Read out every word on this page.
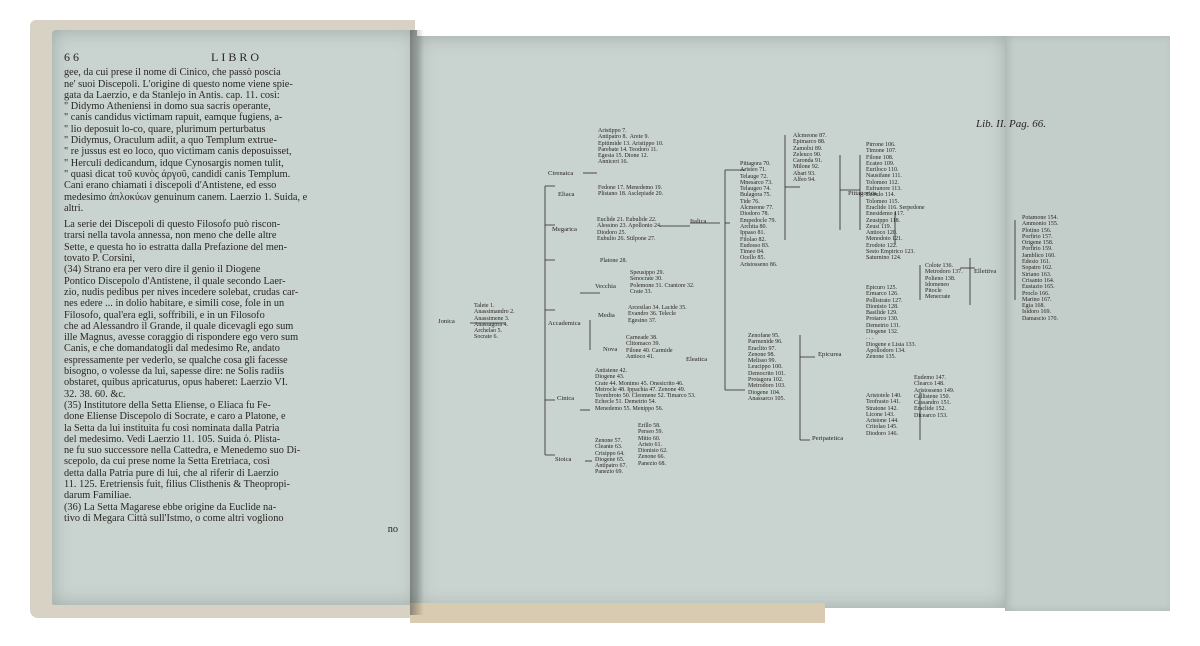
66	LIBRO
gee, da cui prese il nome di Cinico, che passò poscia
ne' suoi Discepoli. L'origine di questo nome viene spie-
gata da Laerzio, e da Stanlejo in Antis. cap. 11. così:
" Didymo Atheniensi in domo sua sacris operante,
" canis candidus victimam rapuit, eamque fugiens, a-
" lio deposuit lo-co, quare, plurimum perturbatus
" Didymus, Oraculum adiit, a quo Templum extrue-
" re jussus est eo loco, quo victimam canis deposuisset,
" Herculi dedicandum, idque Cynosargis nomen tulit,
" quasi dicat τοῦ κυνὸς ἀργοῦ, candidi canis Templum.
Cani erano chiamati i discepoli d'Antistene, ed esso
medesimo ἁπλοκύων genuinum canem. Laerzio 1. Suida, e
altri.
La serie dei Discepoli di questo Filosofo può riscon-
trarsi nella tavola annessa, non meno che delle altre
Sette, e questa ho io estratta dalla Prefazione del men-
tovato P. Corsini,
(34) Strano era per vero dire il genio il Diogene
Pontico Discepolo d'Antistene, il quale secondo Laer-
zio, nudis pedibus per nives incedere solebat, crudas car-
nes edere ... in dolio habitare, e simili cose, fole in un
Filosofo, qual'era egli, soffribili, e in un Filosofo
che ad Alessandro il Grande, il quale dicevagli ego sum
ille Magnus, avesse coraggio di rispondere ego vero sum
Canis, e che domandatogli dal medesimo Re, andato
espressamente per vederlo, se qualche cosa gli facesse
bisogno, o volesse da lui, sapesse dire: ne Solis radiis
obstaret, quibus apricaturus, opus haberet: Laerzio VI.
32. 38. 60. &c.
(35) Institutore della Setta Eliense, o Eliaca fu Fe-
done Eliense Discepolo di Socrate, e caro a Platone, e
la Setta da lui instituita fu così nominata dalla Patria
del medesimo. Vedi Laerzio 11. 105. Suida ὁ. Plista-
ne fu suo successore nella Cattedra, e Menedemo suo Di-
scepolo, da cui prese nome la Setta Eretriaca, così
detta dalla Patria pure di lui, che al riferir di Laerzio
11. 125. Eretriensis fuit, filius Clisthenis & Theopropi-
darum Familiae.
(36) La Setta Magarese ebbe origine da Euclide na-
tivo di Megara Città sull'Istmo, o come altri vogliono
no
Lib. II. Pag. 66.
Jonica
Talete 1.
Anassimandro 2.
Anassimene 3.
Anassagora 4.
Archelao 5.
Socrate 6.
Cirenaica
Eliaca
Megarica
Accademica
Cinica
Stoica
Vecchia
Media
Nova
Italica
Eleatica
Pittagorica
Epicurea
Peripatetica
Ellettiva
Aristippo 7.
Antipatro 8.  Arete 9.
Epitimide 13. Aristippo 10.
Parebate 14. Teodoro 11.
Egesia 15. Dione 12.
Anniceri 16.
Fedone 17. Menedemo 19.
Plistano 18. Asclepiade 20.
Euclide 21. Eubulide 22.
Alessino 23. Apollonio 24.
Diodoro 25.
Eubulio 26. Stilpone 27.
Platone 28.
Speusippo 29.
Senocrate 30.
Polemone 31. Crantore 32.
Crate 33.
Arcesilao 34. Lacide 35.
Evandro 36. Telecle
Egesino 37.
Carneade 38.
Clitomaco 39.
Filone 40. Carmide
Antioco 41.
Antistene 42.
Diogene 43.
Crate 44. Monimo 45. Onesicrito 46.
Metrocle 48. Ippachia 47. Zenone 49.
Teombroto 50. Cleomene 52. Timarco 53.
Echecle 51. Demetrio 54.
Menedemo 55. Menippo 56.
Zenone 57.
Cleante 63.
Crisippo 64.
Diogene 65.
Antipatro 67.
Panezio 69.
Erillo 58.
Perseo 59.
Mitto 60.
Aristo 61.
Dionisio 62.
Zenone 66.
Panezio 68.
Pittagora 70.
Aristeo 71.
Telauge 72.
Mnesarco 73.
Telaugeo 74.
Bulagora 75.
Tide 76.
Alcmeone 77.
Diodoro 78.
Empedocle 79.
Archita 80.
Ippaso 81.
Filolao 82.
Eudosso 83.
Timeo 84.
Ocello 85.
Aristosseno 86.
Alcmeone 87.
Epimarco 88.
Zamolxi 89.
Zeleuco 90.
Caronda 91.
Milone 92.
Abari 93.
Alfeo 94.
Zenofane 95.
Parmenide 96.
Eraclito 97.
Zenone 98.
Melisso 99.
Leucippo 100.
Democrito 101.
Protagora 102.
Metrodoro 103.
Diogene 104.
Anassarco 105.
Pirrone 106.
Timone 107.
Filone 108.
Ecateo 109.
Euriloco 110.
Nausifane 111.
Tolomeo 112.
Eufranore 113.
Eubulo 114.
Tolomeo 115.
Eraclide 116. Serpedone
Enesidemo 117.
Zeusippo 118.
Zeusi 119.
Antioco 120.
Menodoto 121.
Erodoto 122.
Sesto Empirico 123.
Saturnino 124.
Epicuro 125.
Ermarco 126.
Pollistrato 127.
Dionisio 128.
Basilide 129.
Protarco 130.
Demetrio 131.
Diogene 132.
. . .
Diogene e Lisia 133.
Apollodoro 134.
Zenone 135.
Colote 136.
Metrodoro 137.
Polieno 138.
Idomeneo
Pitocle
Menecrate
Aristotele 140.
Teofrasto 141.
Stratone 142.
Licone 143.
Aristone 144.
Critolao 145.
Diodoro 146.
Eudemo 147.
Clearco 148.
Aristosseno 149.
Callistene 150.
Cassandro 151.
Eraclide 152.
Dicearco 153.
Potamone 154.
Ammonio 155.
Plotino 156.
Porfirio 157.
Origene 158.
Porfirio 159.
Jamblico 160.
Edesio 161.
Sopatro 162.
Siriano 163.
Crisanto 164.
Eustazio 165.
Proclo 166.
Marino 167.
Egia 168.
Isidoro 169.
Damascio 170.
